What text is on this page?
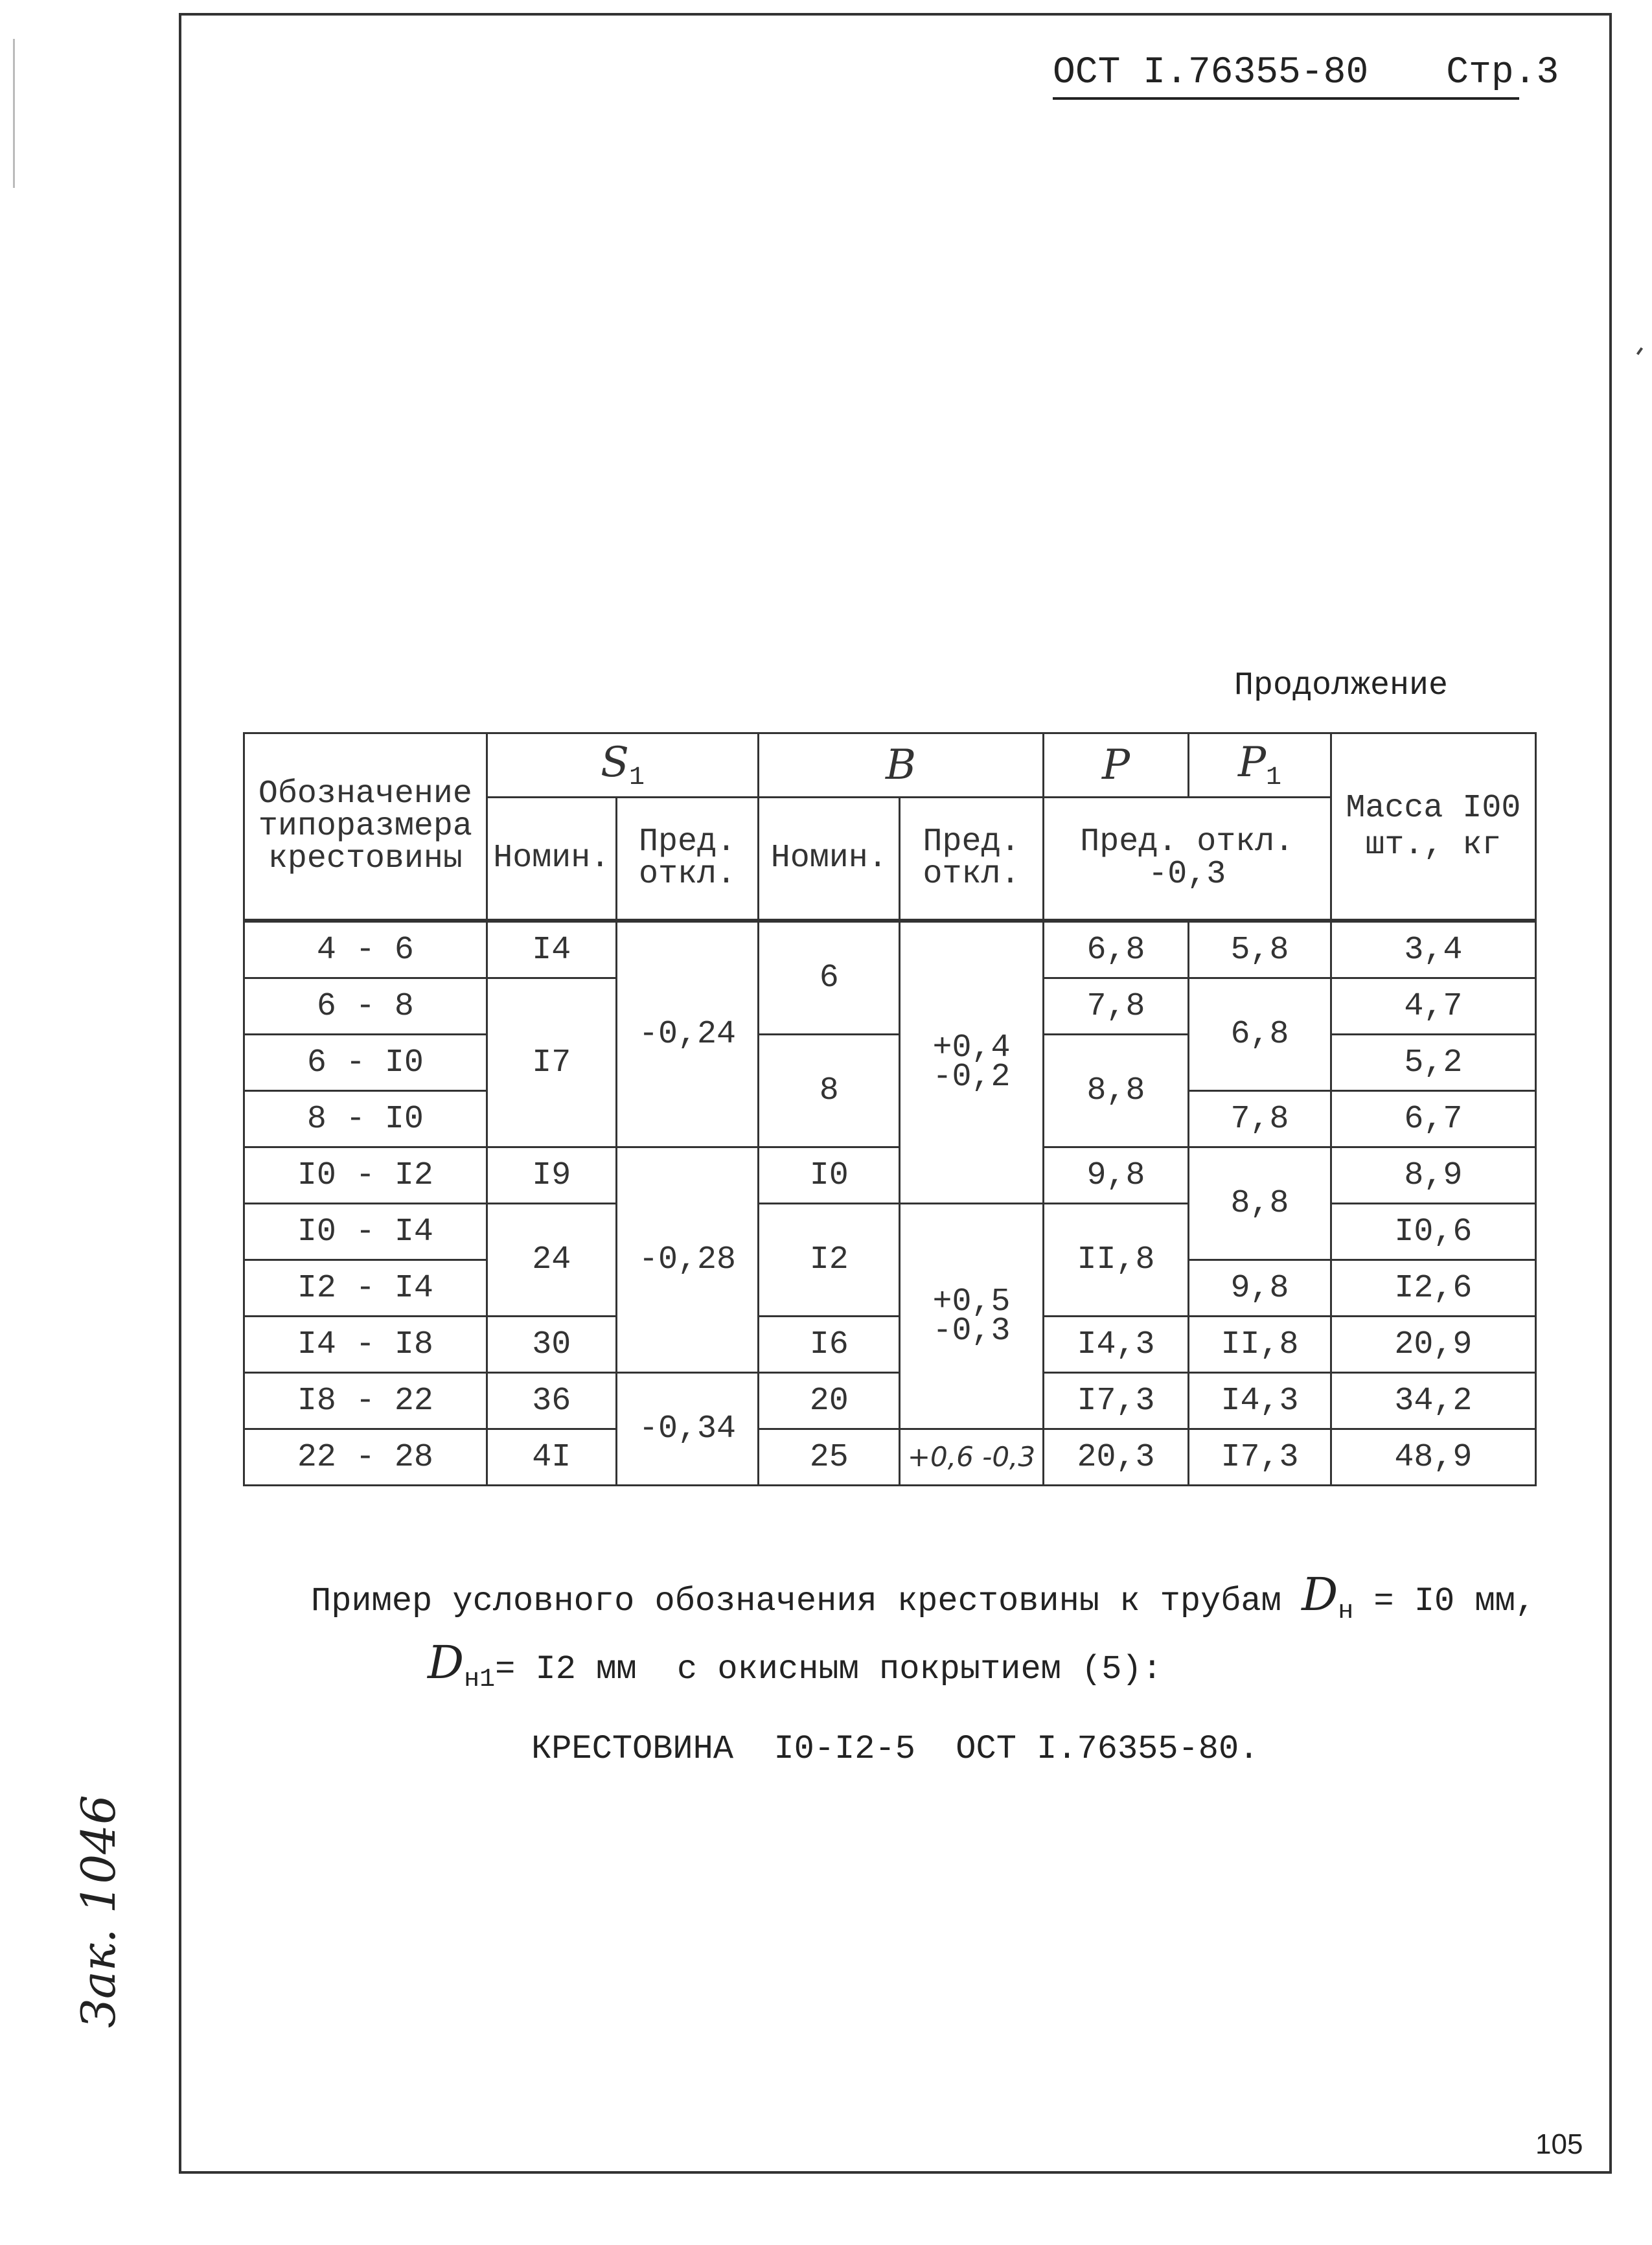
ОСТ I.76355-80 Стр.3
Продолжение
Обозначение типоразмера крестовины	$S_1$		B		P	$P_1$	Масса I00 шт., кг
	Номин.	Пред. откл.	Номин.	Пред. откл.	Пред. откл. -0,3		
4 - 6	I4	-0,24	6	+0,4 -0,2	6,8	5,8	3,4
6 - 8	I7				7,8	6,8	4,7
6 - I0			8		8,8		5,2
8 - I0						7,8	6,7
I0 - I2	I9	-0,28	I0		9,8	8,8	8,9
I0 - I4	24		I2	+0,5 -0,3	II,8		I0,6
I2 - I4						9,8	I2,6
I4 - I8	30		I6		I4,3	II,8	20,9
I8 - 22	36	-0,34	20		I7,3	I4,3	34,2
22 - 28	4I		25	+0,6 -0,3	20,3	I7,3	48,9
Пример условного обозначения крестовины к трубам $D_н = I0$ мм,
$D_{н1}= I2$ мм  с окисным покрытием (5):
КРЕСТОВИНА  I0-I2-5  ОСТ I.76355-80.
Зак. 1046
105
